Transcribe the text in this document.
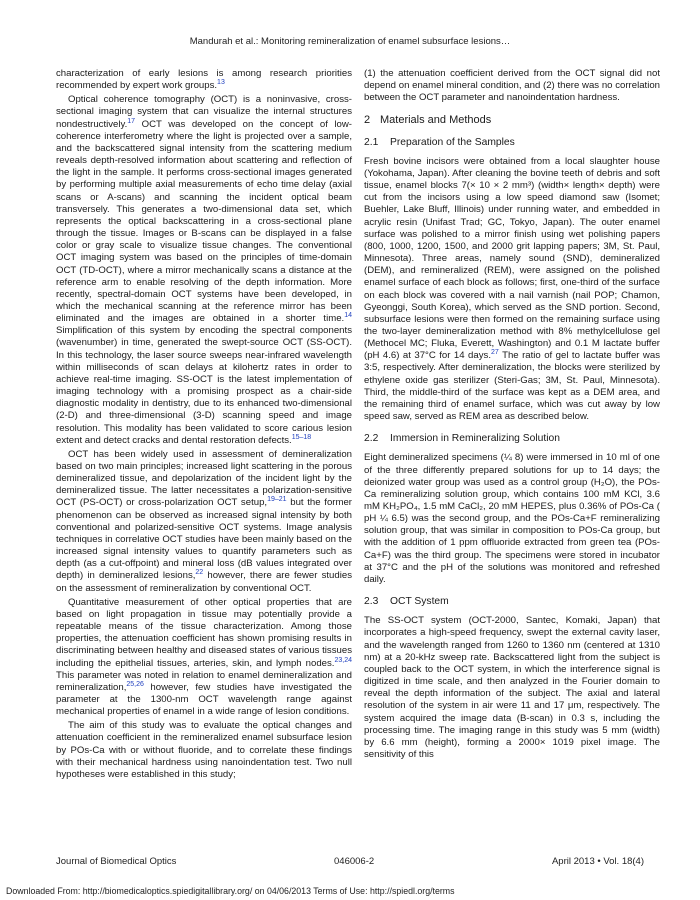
Mandurah et al.: Monitoring remineralization of enamel subsurface lesions…

characterization of early lesions is among research priorities recommended by expert work groups.$^{13}$

Optical coherence tomography (OCT) is a noninvasive, cross-sectional imaging system that can visualize the internal structures nondestructively.$^{17}$ OCT was developed on the concept of low-coherence interferometry where the light is projected over a sample, and the backscattered signal intensity from the scattering medium reveals depth-resolved information about scattering and reflection of the light in the sample. It performs cross-sectional images generated by performing multiple axial measurements of echo time delay (axial scans or A-scans) and scanning the incident optical beam transversely. This generates a two-dimensional data set, which represents the optical backscattering in a cross-sectional plane through the tissue. Images or B-scans can be displayed in a false color or gray scale to visualize tissue changes. The conventional OCT imaging system was based on the principles of time-domain OCT (TD-OCT), where a mirror mechanically scans a distance at the reference arm to enable resolving of the depth information. More recently, spectral-domain OCT systems have been developed, in which the mechanical scanning at the reference mirror has been eliminated and the images are obtained in a shorter time.$^{14}$ Simplification of this system by encoding the spectral components (wavenumber) in time, generated the swept-source OCT (SS-OCT). In this technology, the laser source sweeps near-infrared wavelength within milliseconds of scan delays at kilohertz rates in order to achieve real-time imaging. SS-OCT is the latest implementation of imaging technology with a promising prospect as a chair-side diagnostic modality in dentistry, due to its enhanced two-dimensional (2-D) and three-dimensional (3-D) scanning speed and image resolution. This modality has been validated to score carious lesion extent and detect cracks and dental restoration defects.$^{15-18}$

OCT has been widely used in assessment of demineralization based on two main principles; increased light scattering in the porous demineralized tissue, and depolarization of the incident light by the demineralized tissue. The latter necessitates a polarization-sensitive OCT (PS-OCT) or cross-polarization OCT setup,$^{19-21}$ but the former phenomenon can be observed as increased signal intensity by both conventional and polarized-sensitive OCT systems. Image analysis techniques in correlative OCT studies have been mainly based on the increased signal intensity values to quantify parameters such as depth (as a cut-offpoint) and mineral loss (dB values integrated over depth) in demineralized lesions,$^{22}$ however, there are fewer studies on the assessment of remineralization by conventional OCT.

Quantitative measurement of other optical properties that are based on light propagation in tissue may potentially provide a repeatable means of the tissue characterization. Among those properties, the attenuation coefficient has shown promising results in discriminating between healthy and diseased states of various tissues including the epithelial tissues, arteries, skin, and lymph nodes.$^{23,24}$ This parameter was noted in relation to enamel demineralization and remineralization,$^{25,26}$ however, few studies have investigated the parameter at the 1300-nm OCT wavelength range against mechanical properties of enamel in a wide range of lesion conditions.

The aim of this study was to evaluate the optical changes and attenuation coefficient in the remineralized enamel subsurface lesion by POs-Ca with or without fluoride, and to correlate these findings with their mechanical hardness using nanoindentation test. Two null hypotheses were established in this study;

(1) the attenuation coefficient derived from the OCT signal did not depend on enamel mineral condition, and (2) there was no correlation between the OCT parameter and nanoindentation hardness.

2 Materials and Methods
2.1 Preparation of the Samples

Fresh bovine incisors were obtained from a local slaughter house (Yokohama, Japan). After cleaning the bovine teeth of debris and soft tissue, enamel blocks 7(× 10 × 2 mm³) (width× length× depth) were cut from the incisors using a low speed diamond saw (Isomet; Buehler, Lake Bluff, Illinois) under running water, and embedded in acrylic resin (Unifast Trad; GC, Tokyo, Japan). The outer enamel surface was polished to a mirror finish using wet polishing papers (800, 1000, 1200, 1500, and 2000 grit lapping papers; 3M, St. Paul, Minnesota). Three areas, namely sound (SND), demineralized (DEM), and remineralized (REM), were assigned on the polished enamel surface of each block as follows; first, one-third of the surface on each block was covered with a nail varnish (nail POP; Chamon, Gyeonggi, South Korea), which served as the SND portion. Second, subsurface lesions were then formed on the remaining surface using the two-layer demineralization method with 8% methylcellulose gel (Methocel MC; Fluka, Everett, Washington) and 0.1 M lactate buffer (pH 4.6) at 37°C for 14 days.$^{27}$ The ratio of gel to lactate buffer was 3:5, respectively. After demineralization, the blocks were sterilized by ethylene oxide gas sterilizer (Steri-Gas; 3M, St. Paul, Minnesota). Third, the middle-third of the surface was kept as a DEM area, and the remaining third of enamel surface, which was cut away by low speed saw, served as REM area as described below.

2.2 Immersion in Remineralizing Solution

Eight demineralized specimens (¼ 8) were immersed in 10 ml of one of the three differently prepared solutions for up to 14 days; the deionized water group was used as a control group (H₂O), the POs-Ca remineralizing solution group, which contains 100 mM KCl, 3.6 mM KH₂PO₄, 1.5 mM CaCl₂, 20 mM HEPES, plus 0.36% of POs-Ca ( pH ¼ 6.5) was the second group, and the POs-Ca+F remineralizing solution group, that was similar in composition to POs-Ca group, but with the addition of 1 ppm offluoride extracted from green tea (POs-Ca+F) was the third group. The specimens were stored in incubator at 37°C and the pH of the solutions was monitored and refreshed daily.

2.3 OCT System

The SS-OCT system (OCT-2000, Santec, Komaki, Japan) that incorporates a high-speed frequency, swept the external cavity laser, and the wavelength ranged from 1260 to 1360 nm (centered at 1310 nm) at a 20-kHz sweep rate. Backscattered light from the subject is coupled back to the OCT system, in which the interference signal is digitized in time scale, and then analyzed in the Fourier domain to reveal the depth information of the subject. The axial and lateral resolution of the system in air were 11 and 17 μm, respectively. The system acquired the image data (B-scan) in 0.3 s, including the processing time. The imaging range in this study was 5 mm (width) by 6.6 mm (height), forming a 2000× 1019 pixel image. The sensitivity of this

Journal of Biomedical Optics	046006-2	April 2013 • Vol. 18(4)
Downloaded From: http://biomedicaloptics.spiedigitallibrary.org/ on 04/06/2013 Terms of Use: http://spiedl.org/terms
